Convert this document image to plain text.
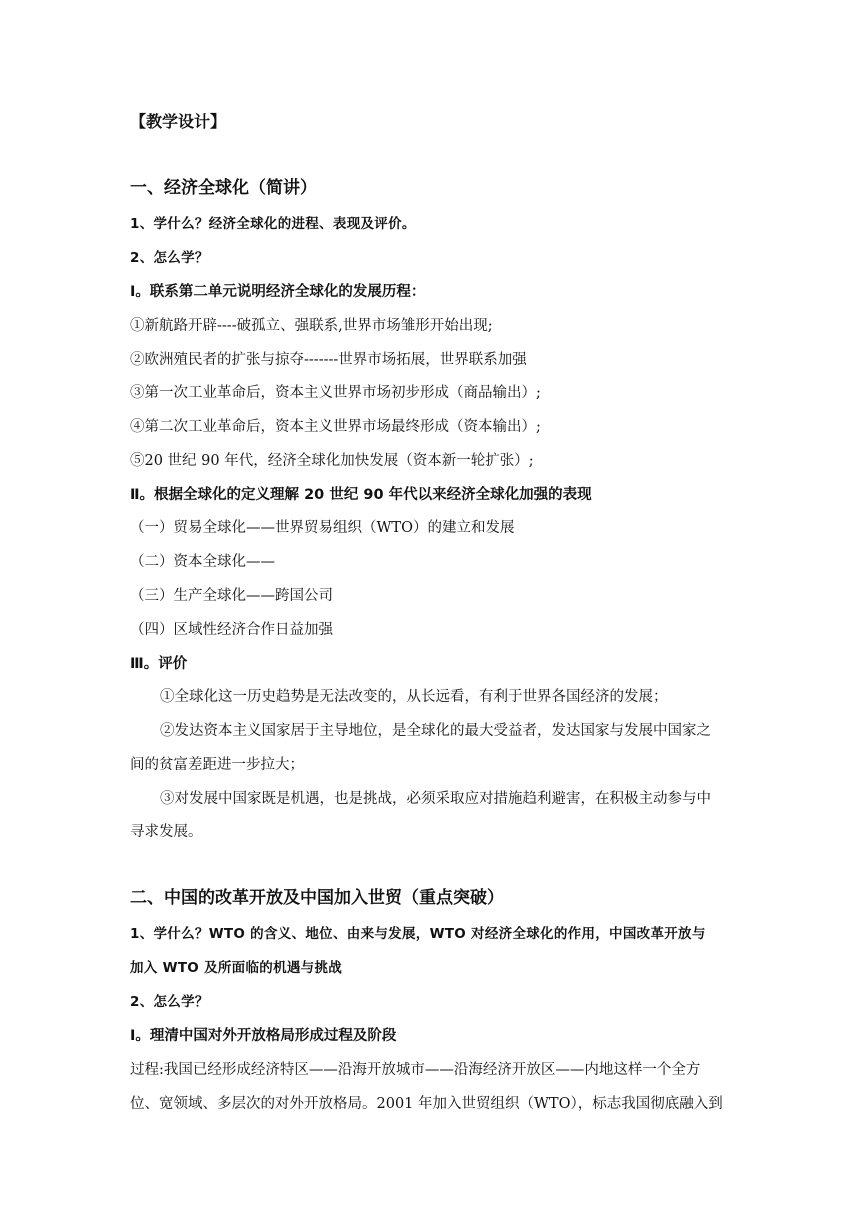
【教学设计】
一、经济全球化（简讲）
1、学什么？经济全球化的进程、表现及评价。
2、怎么学？
Ⅰ。联系第二单元说明经济全球化的发展历程：
①新航路开辟----破孤立、强联系,世界市场雏形开始出现;
②欧洲殖民者的扩张与掠夺-------世界市场拓展，世界联系加强
③第一次工业革命后，资本主义世界市场初步形成（商品输出）;
④第二次工业革命后，资本主义世界市场最终形成（资本输出）;
⑤20 世纪 90 年代，经济全球化加快发展（资本新一轮扩张）;
Ⅱ。根据全球化的定义理解 20 世纪 90 年代以来经济全球化加强的表现
（一）贸易全球化——世界贸易组织（WTO）的建立和发展
（二）资本全球化——
（三）生产全球化——跨国公司
（四）区域性经济合作日益加强
Ⅲ。评价
①全球化这一历史趋势是无法改变的，从长远看，有利于世界各国经济的发展；
②发达资本主义国家居于主导地位，是全球化的最大受益者，发达国家与发展中国家之
间的贫富差距进一步拉大；
③对发展中国家既是机遇，也是挑战，必须采取应对措施趋利避害，在积极主动参与中
寻求发展。
二、中国的改革开放及中国加入世贸（重点突破）
1、学什么？WTO 的含义、地位、由来与发展，WTO 对经济全球化的作用，中国改革开放与
加入 WTO 及所面临的机遇与挑战
2、怎么学？
Ⅰ。理清中国对外开放格局形成过程及阶段
过程:我国已经形成经济特区——沿海开放城市——沿海经济开放区——内地这样一个全方
位、宽领域、多层次的对外开放格局。2001 年加入世贸组织（WTO），标志我国彻底融入到
